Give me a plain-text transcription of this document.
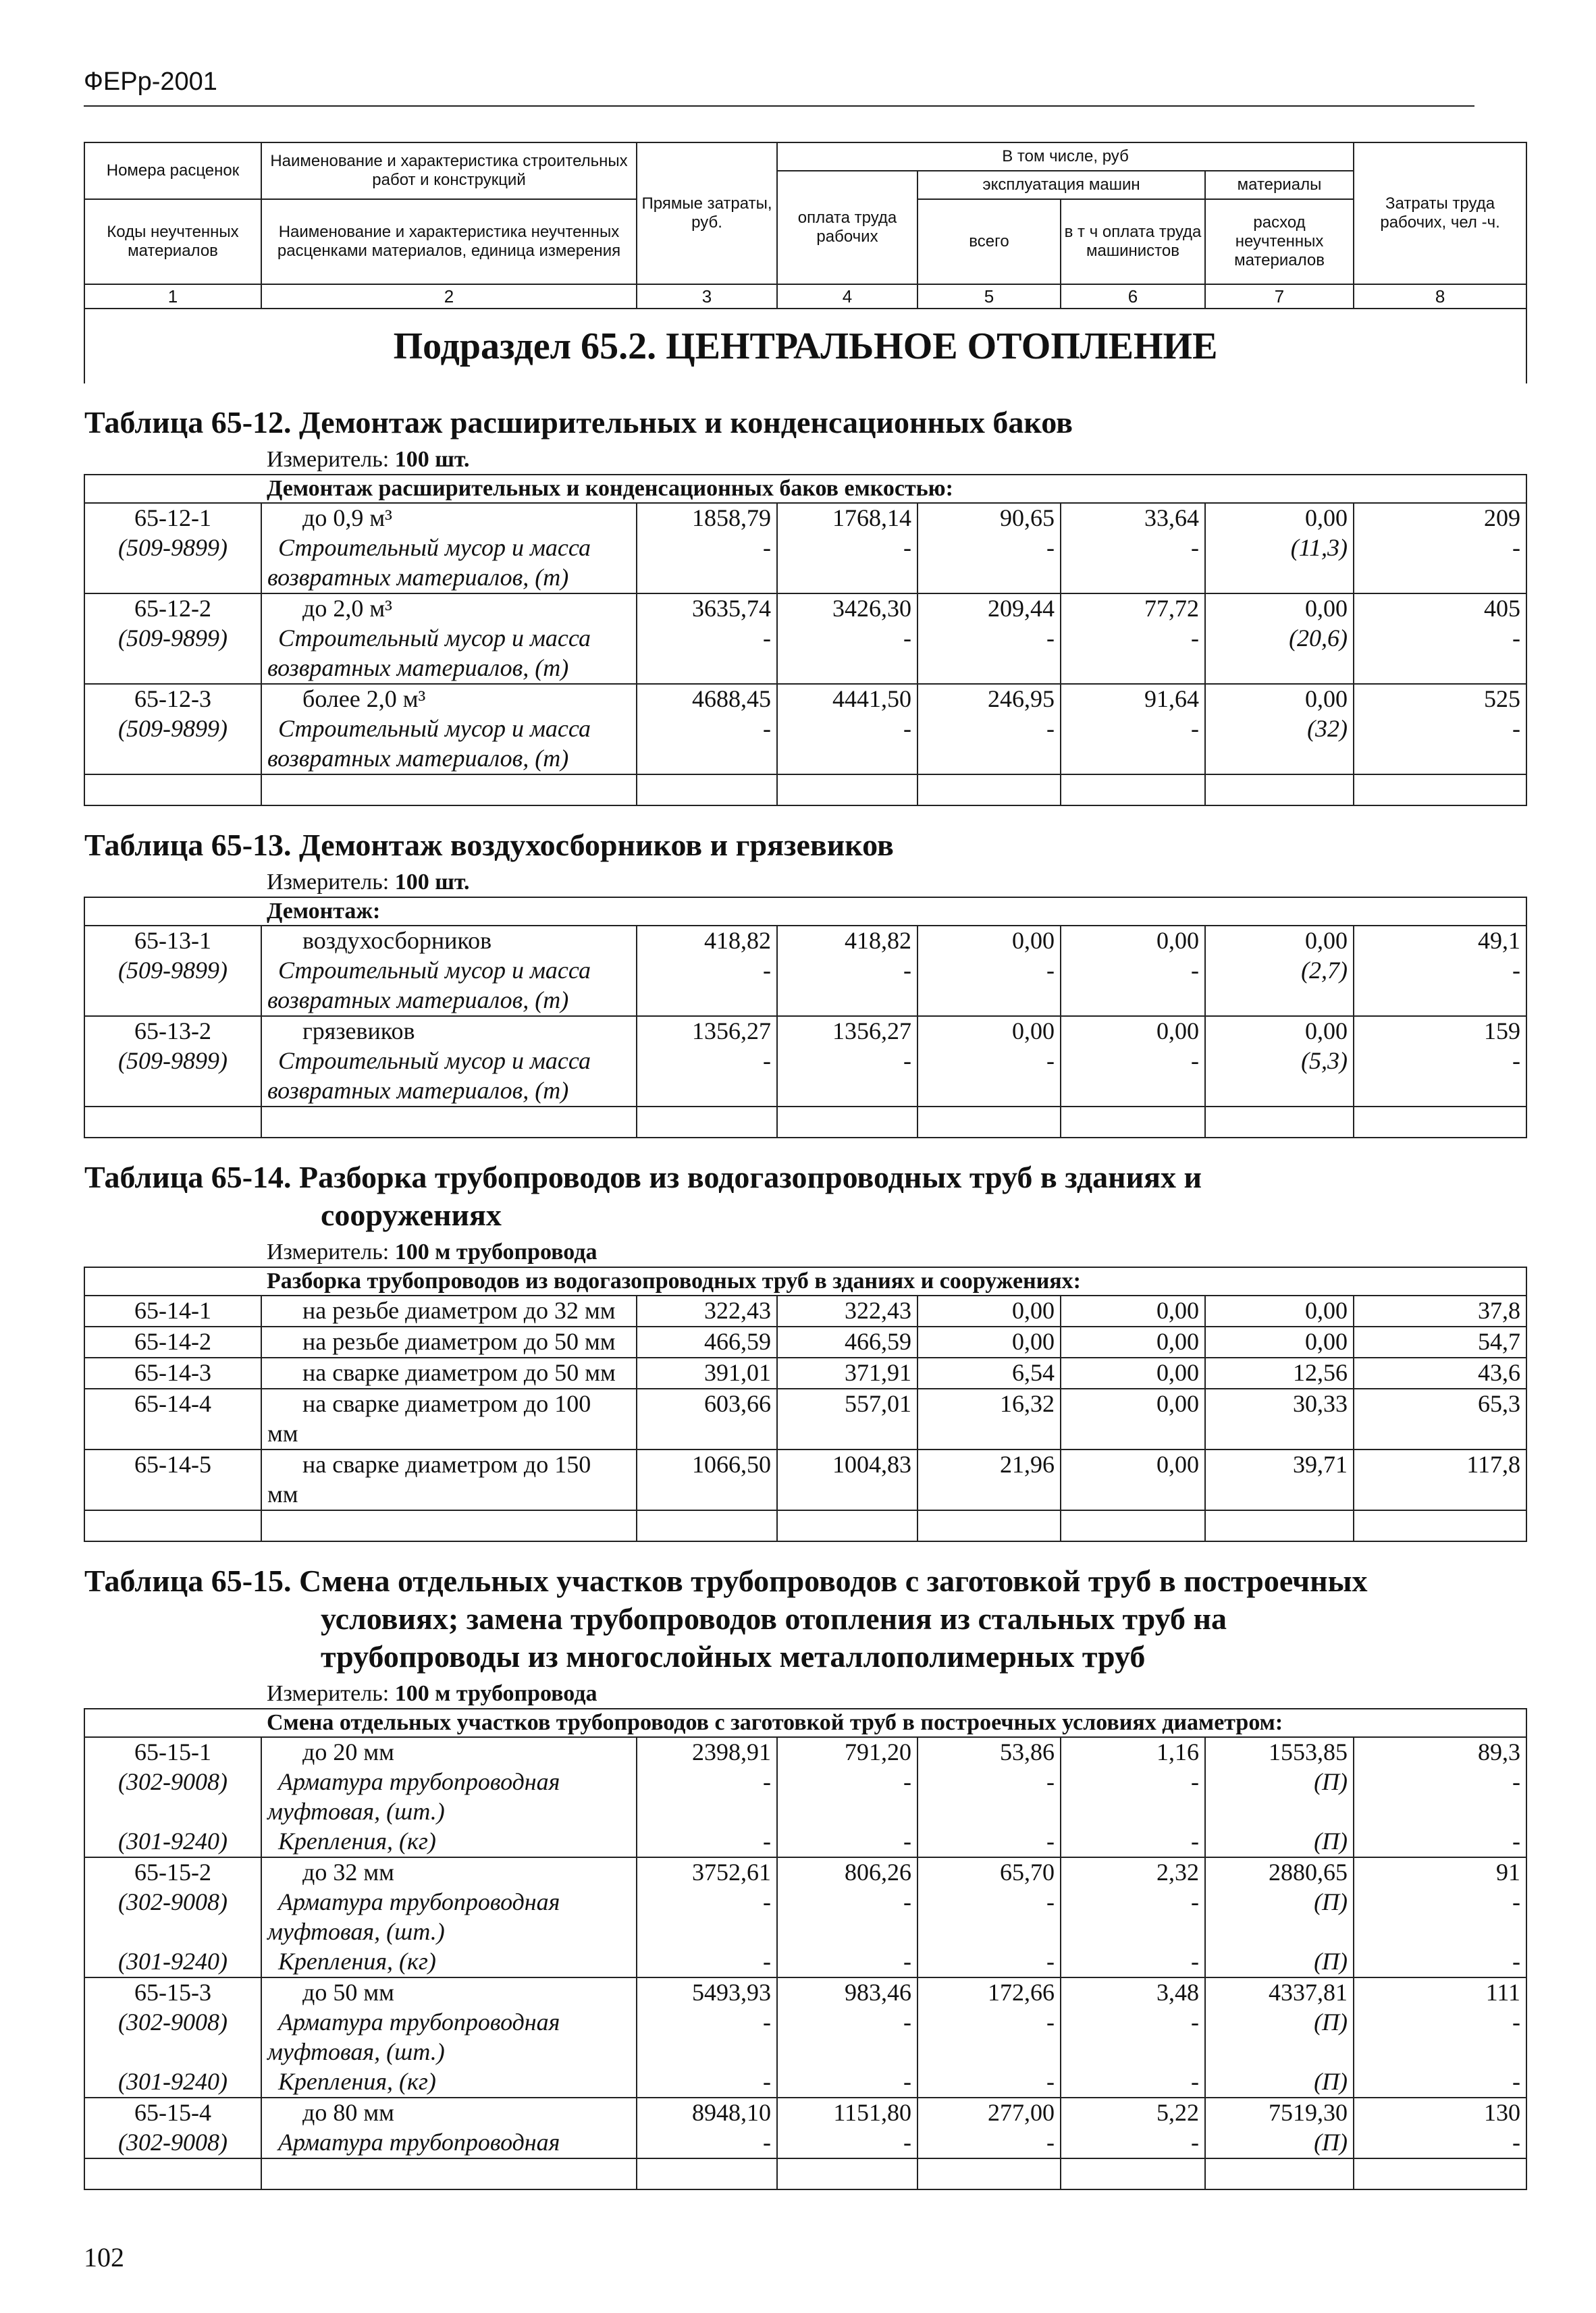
ФЕРр-2001
Номера расценок	Наименование и характеристика строительных работ и конструкций	Прямые затраты, руб.	В том числе, руб				Затраты труда рабочих, чел -ч.
			оплата труда рабочих	эксплуатация машин		материалы	
Коды неучтенных материалов	Наименование и характеристика неучтенных расценками материалов, единица измерения			всего	в т ч оплата труда машинистов	расход неучтенных материалов	

1	2	3	4	5	6	7	8
Подраздел 65.2. ЦЕНТРАЛЬНОЕ ОТОПЛЕНИЕ							

Таблица 65-12. Демонтаж расширительных и конденсационных баков							

	Измеритель: 100 шт.						
	Демонтаж расширительных и конденсационных баков емкостью:						
65-12-1	до 0,9 м³	1858,79	1768,14	90,65	33,64	0,00	209
(509-9899)	Строительный мусор и масса	-	-	-	-	(11,3)	-
	возвратных материалов, (т)						
65-12-2	до 2,0 м³	3635,74	3426,30	209,44	77,72	0,00	405
(509-9899)	Строительный мусор и масса	-	-	-	-	(20,6)	-
	возвратных материалов, (т)						
65-12-3	более 2,0 м³	4688,45	4441,50	246,95	91,64	0,00	525
(509-9899)	Строительный мусор и масса	-	-	-	-	(32)	-
	возвратных материалов, (т)						

Таблица 65-13. Демонтаж воздухосборников и грязевиков							

	Измеритель: 100 шт.						
	Демонтаж:						
65-13-1	воздухосборников	418,82	418,82	0,00	0,00	0,00	49,1
(509-9899)	Строительный мусор и масса	-	-	-	-	(2,7)	-
	возвратных материалов, (т)						
65-13-2	грязевиков	1356,27	1356,27	0,00	0,00	0,00	159
(509-9899)	Строительный мусор и масса	-	-	-	-	(5,3)	-
	возвратных материалов, (т)						

Таблица 65-14. Разборка трубопроводов из водогазопроводных труб в зданиях и
сооружениях							

	Измеритель: 100 м трубопровода						
	Разборка трубопроводов из водогазопроводных труб в зданиях и сооружениях:						
65-14-1	на резьбе диаметром до 32 мм	322,43	322,43	0,00	0,00	0,00	37,8
65-14-2	на резьбе диаметром до 50 мм	466,59	466,59	0,00	0,00	0,00	54,7
65-14-3	на сварке диаметром до 50 мм	391,01	371,91	6,54	0,00	12,56	43,6
65-14-4	на сварке диаметром до 100	603,66	557,01	16,32	0,00	30,33	65,3
	мм						
65-14-5	на сварке диаметром до 150	1066,50	1004,83	21,96	0,00	39,71	117,8
	мм						

Таблица 65-15. Смена отдельных участков трубопроводов с заготовкой труб в построечных
условиях; замена трубопроводов отопления из стальных труб на
трубопроводы из многослойных металлополимерных труб							

	Измеритель: 100 м трубопровода						
	Смена отдельных участков трубопроводов с заготовкой труб в построечных условиях диаметром:						
65-15-1	до 20 мм	2398,91	791,20	53,86	1,16	1553,85	89,3
(302-9008)	Арматура трубопроводная	-	-	-	-	(П)	-
	муфтовая, (шт.)						
(301-9240)	Крепления, (кг)	-	-	-	-	(П)	-
65-15-2	до 32 мм	3752,61	806,26	65,70	2,32	2880,65	91
(302-9008)	Арматура трубопроводная	-	-	-	-	(П)	-
	муфтовая, (шт.)						
(301-9240)	Крепления, (кг)	-	-	-	-	(П)	-
65-15-3	до 50 мм	5493,93	983,46	172,66	3,48	4337,81	111
(302-9008)	Арматура трубопроводная	-	-	-	-	(П)	-
	муфтовая, (шт.)						
(301-9240)	Крепления, (кг)	-	-	-	-	(П)	-
65-15-4	до 80 мм	8948,10	1151,80	277,00	5,22	7519,30	130
(302-9008)	Арматура трубопроводная	-	-	-	-	(П)	-

102
